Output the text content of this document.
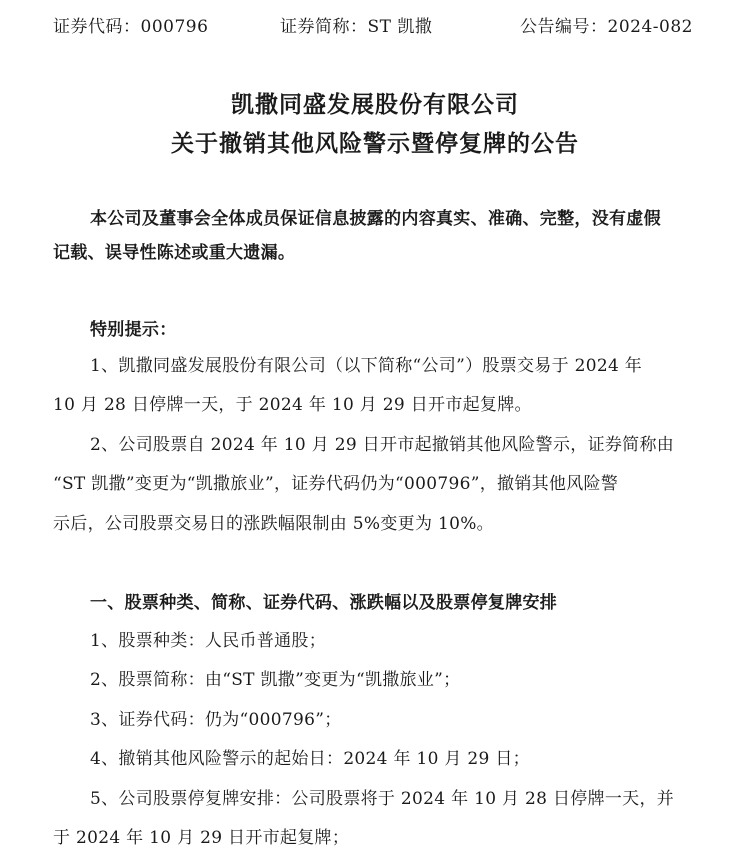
证券代码：000796	证券简称：ST 凯撒	公告编号：2024-082
凯撒同盛发展股份有限公司
关于撤销其他风险警示暨停复牌的公告
本公司及董事会全体成员保证信息披露的内容真实、准确、完整，没有虚假
记载、误导性陈述或重大遗漏。
特别提示：
1、凯撒同盛发展股份有限公司（以下简称“公司”）股票交易于 2024 年
10 月 28 日停牌一天，于 2024 年 10 月 29 日开市起复牌。
2、公司股票自 2024 年 10 月 29 日开市起撤销其他风险警示，证券简称由
“ST 凯撒”变更为“凯撒旅业”，证券代码仍为“000796”，撤销其他风险警
示后，公司股票交易日的涨跌幅限制由 5%变更为 10%。
一、股票种类、简称、证券代码、涨跌幅以及股票停复牌安排
1、股票种类：人民币普通股；
2、股票简称：由“ST 凯撒”变更为“凯撒旅业”；
3、证券代码：仍为“000796”；
4、撤销其他风险警示的起始日：2024 年 10 月 29 日；
5、公司股票停复牌安排：公司股票将于 2024 年 10 月 28 日停牌一天，并
于 2024 年 10 月 29 日开市起复牌；
